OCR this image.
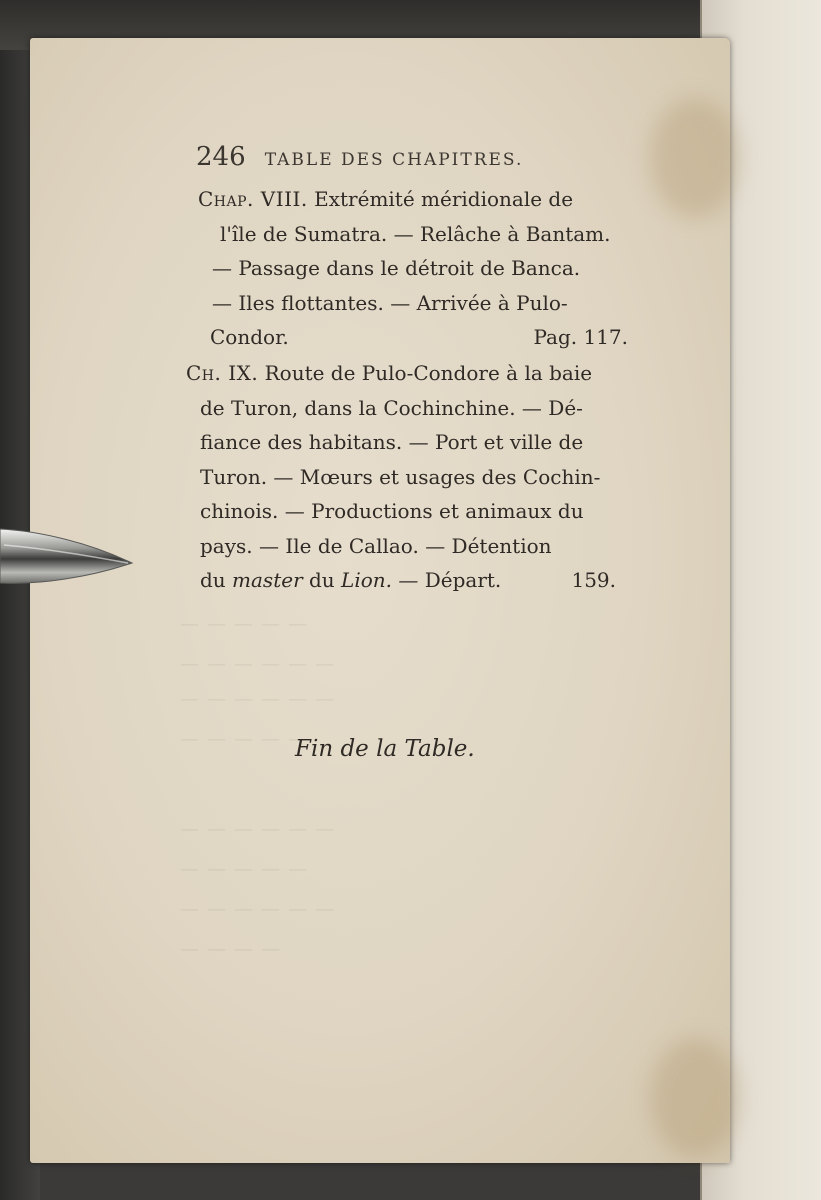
— — — — —
— — — — — —
— — — — — —
— — — — —
— — — — — —
— — — — —
— — — — — —
— — — —
246 TABLE DES CHAPITRES.
Chap. VIII. Extrémité méridionale de
l'île de Sumatra. — Relâche à Bantam.
— Passage dans le détroit de Banca.
— Iles flottantes. — Arrivée à Pulo-
Condor.	Pag. 117.
Ch. IX. Route de Pulo-Condore à la baie
de Turon, dans la Cochinchine. — Dé-
fiance des habitans. — Port et ville de
Turon. — Mœurs et usages des Cochin-
chinois. — Productions et animaux du
pays. — Ile de Callao. — Détention
du master du Lion. — Départ.	159.
Fin de la Table.
